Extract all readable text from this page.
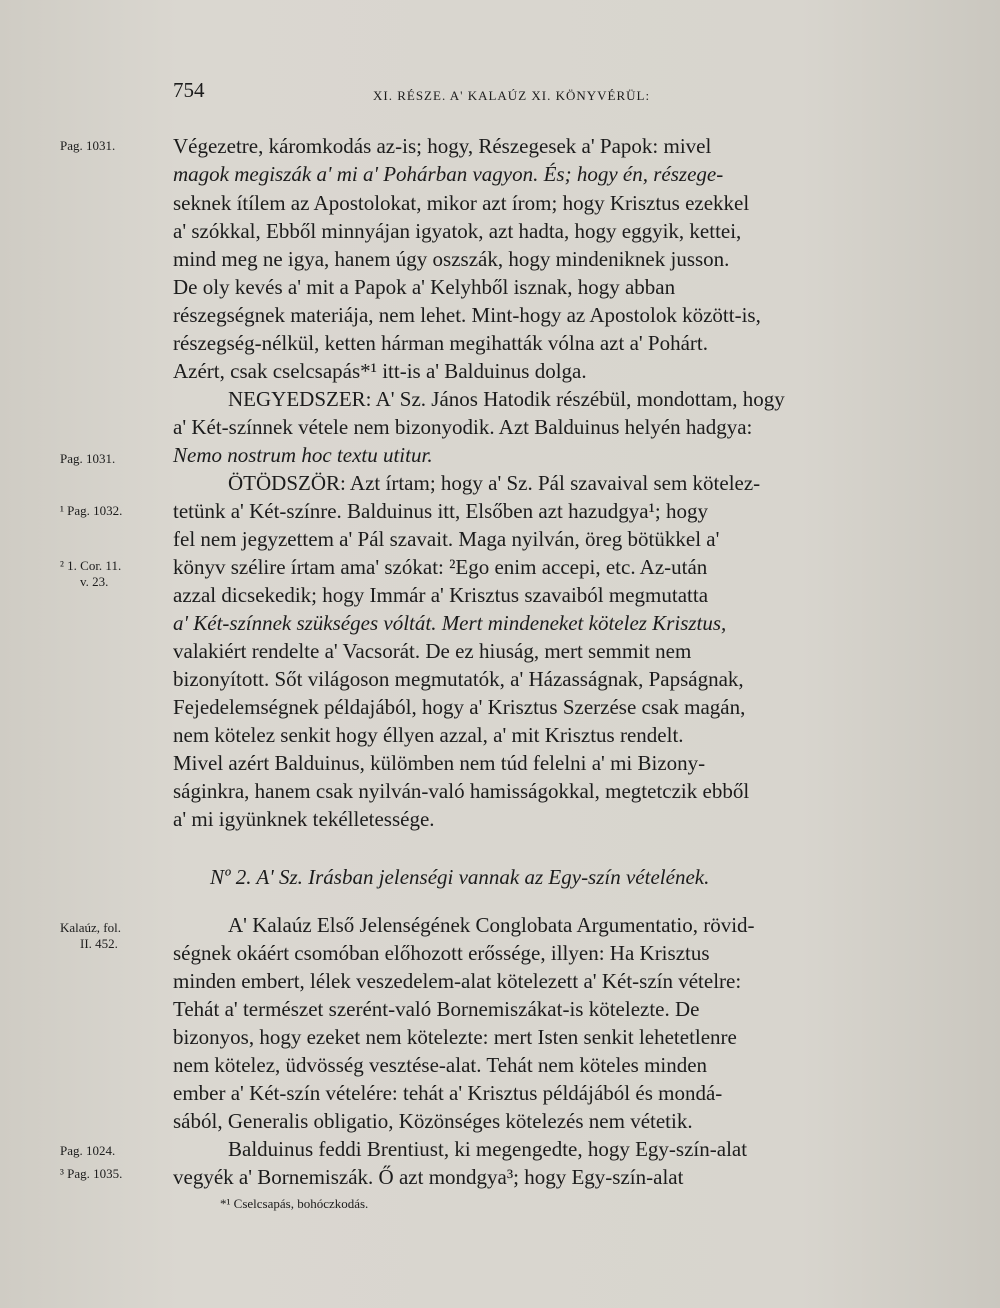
754	XI. RÉSZE. A' KALAÚZ XI. KÖNYVÉRÜL:
Pag. 1031.
Pag. 1031.
¹ Pag. 1032.
² 1. Cor. 11.
v. 23.
Kalaúz, fol.
II. 452.
Pag. 1024.
³ Pag. 1035.
Végezetre, káromkodás az-is; hogy, Részegesek a' Papok: mivel
magok megiszák a' mi a' Pohárban vagyon. És; hogy én, részege-
seknek ítílem az Apostolokat, mikor azt írom; hogy Krisztus ezekkel
a' szókkal, Ebből minnyájan igyatok, azt hadta, hogy eggyik, kettei,
mind meg ne igya, hanem úgy oszszák, hogy mindeniknek jusson.
De oly kevés a' mit a Papok a' Kelyhből isznak, hogy abban
részegségnek materiája, nem lehet. Mint-hogy az Apostolok között-is,
részegség-nélkül, ketten hárman megihatták vólna azt a' Pohárt.
Azért, csak cselcsapás*¹ itt-is a' Balduinus dolga.
NEGYEDSZER: A' Sz. János Hatodik részébül, mondottam, hogy
a' Két-színnek vétele nem bizonyodik. Azt Balduinus helyén hadgya:
Nemo nostrum hoc textu utitur.
ÖTÖDSZÖR: Azt írtam; hogy a' Sz. Pál szavaival sem kötelez-
tetünk a' Két-színre. Balduinus itt, Elsőben azt hazudgya¹; hogy
fel nem jegyzettem a' Pál szavait. Maga nyilván, öreg bötükkel a'
könyv szélire írtam ama' szókat: ²Ego enim accepi, etc. Az-után
azzal dicsekedik; hogy Immár a' Krisztus szavaiból megmutatta
a' Két-színnek szükséges vóltát. Mert mindeneket kötelez Krisztus,
valakiért rendelte a' Vacsorát. De ez hiuság, mert semmit nem
bizonyított. Sőt világoson megmutatók, a' Házasságnak, Papságnak,
Fejedelemségnek példajából, hogy a' Krisztus Szerzése csak magán,
nem kötelez senkit hogy éllyen azzal, a' mit Krisztus rendelt.
Mivel azért Balduinus, külömben nem túd felelni a' mi Bizony-
ságinkra, hanem csak nyilván-való hamisságokkal, megtetczik ebből
a' mi igyünknek tekélletessége.
Nº 2. A' Sz. Irásban jelenségi vannak az Egy-szín vételének.
A' Kalaúz Első Jelenségének Conglobata Argumentatio, rövid-
ségnek okáért csomóban előhozott erőssége, illyen: Ha Krisztus
minden embert, lélek veszedelem-alat kötelezett a' Két-szín vételre:
Tehát a' természet szerént-való Bornemiszákat-is kötelezte. De
bizonyos, hogy ezeket nem kötelezte: mert Isten senkit lehetetlenre
nem kötelez, üdvösség vesztése-alat. Tehát nem köteles minden
ember a' Két-szín vételére: tehát a' Krisztus példájából és mondá-
sából, Generalis obligatio, Közönséges kötelezés nem vétetik.
Balduinus feddi Brentiust, ki megengedte, hogy Egy-szín-alat
vegyék a' Bornemiszák. Ő azt mondgya³; hogy Egy-szín-alat
*¹ Cselcsapás, bohóczkodás.
